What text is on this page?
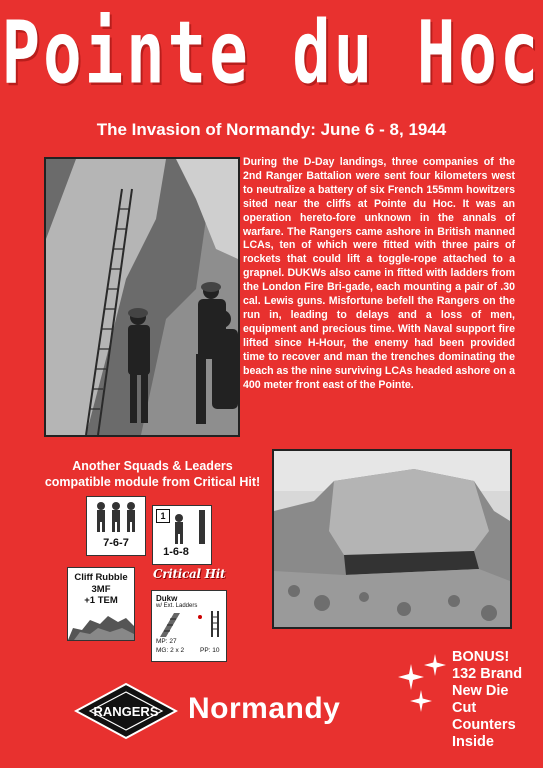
Pointe du Hoc
The Invasion of Normandy: June 6 - 8, 1944
During the D-Day landings, three companies of the 2nd Ranger Battalion were sent four kilometers west to neutralize a battery of six French 155mm howitzers sited near the cliffs at Pointe du Hoc. It was an operation hereto-fore unknown in the annals of warfare. The Rangers came ashore in British manned LCAs, ten of which were fitted with three pairs of rockets that could lift a toggle-rope attached to a grapnel. DUKWs also came in fitted with ladders from the London Fire Bri-gade, each mounting a pair of .30 cal. Lewis guns. Misfortune befell the Rangers on the run in, leading to delays and a loss of men, equipment and precious time. With Naval support fire lifted since H-Hour, the enemy had been provided time to recover and man the trenches dominating the beach as the nine surviving LCAs headed ashore on a 400 meter front east of the Pointe.
Another Squads & Leaders compatible module from Critical Hit!
7-6-7
1
1-6-8
Critical Hit
Cliff Rubble
3MF
+1 TEM	Dukw
w/ Ext. Ladders
MP: 27
MG: 2 x 2 PP: 10
RANGERS Normandy
BONUS!
132 Brand
New Die
Cut
Counters
Inside
